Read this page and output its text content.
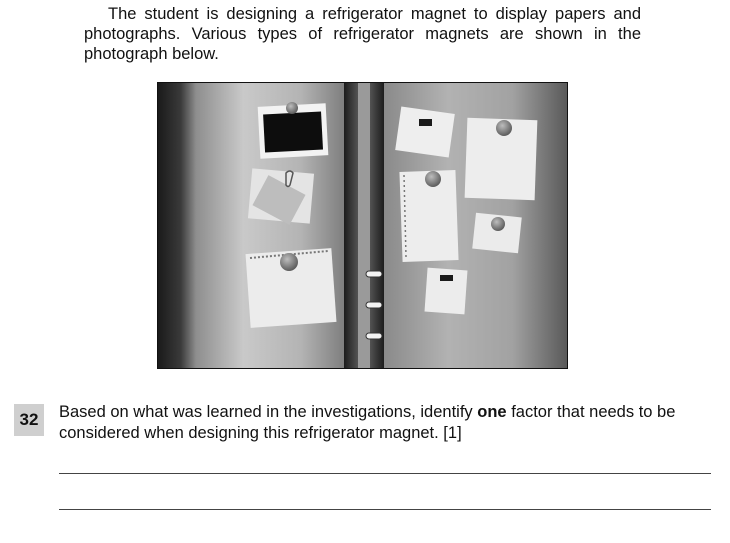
The student is designing a refrigerator magnet to display papers and photographs. Various types of refrigerator magnets are shown in the photograph below.
32	Based on what was learned in the investigations, identify one factor that needs to be considered when designing this refrigerator magnet. [1]
